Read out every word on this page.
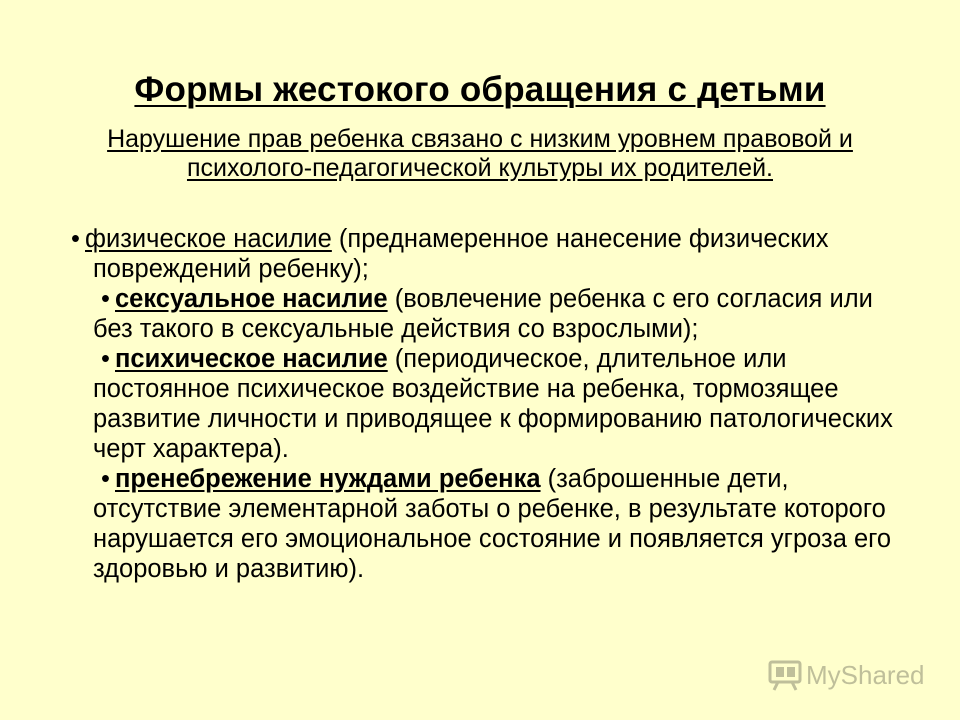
Формы жестокого обращения с детьми
Нарушение прав ребенка связано с низким уровнем правовой и психолого-педагогической культуры их родителей.

• физическое насилие (преднамеренное нанесение физических повреждений ребенку);

• сексуальное насилие (вовлечение ребенка с его согласия или без такого в сексуальные действия со взрослыми);

• психическое насилие (периодическое, длительное или постоянное психическое воздействие на ребенка, тормозящее развитие личности и приводящее к формированию патологических черт характера).

• пренебрежение нуждами ребенка (заброшенные дети, отсутствие элементарной заботы о ребенке, в результате которого нарушается его эмоциональное состояние и появляется угроза его здоровью и развитию).

MyShared
